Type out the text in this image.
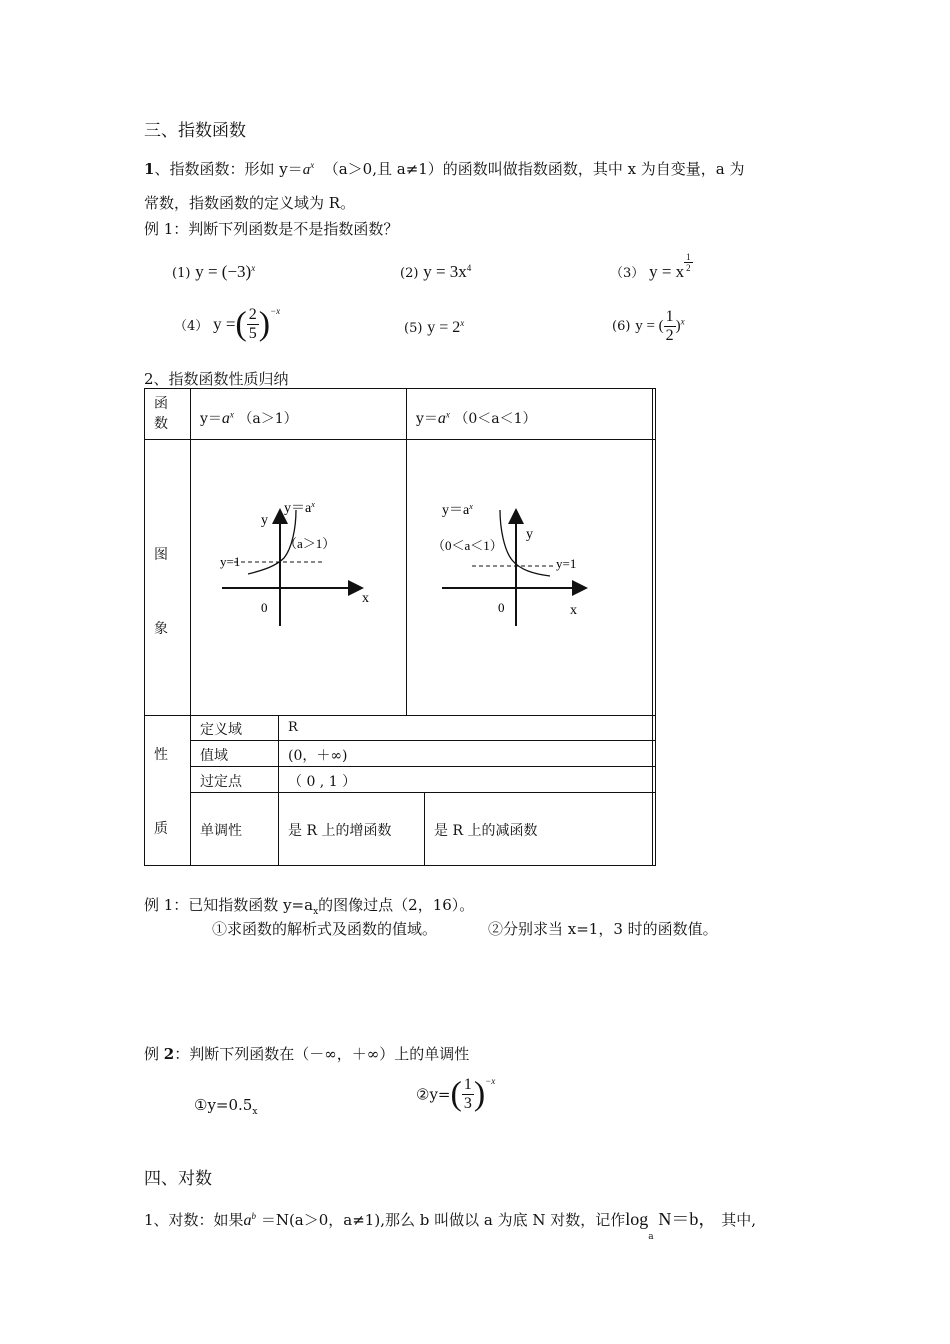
三、指数函数
1、指数函数：形如 $y=a^x$ （a＞0,且 a≠1）的函数叫做指数函数，其中 x 为自变量，a 为
常数，指数函数的定义域为 R。
例 1：判断下列函数是不是指数函数？
(1) $y = (-3)^x$	(2) $y = 3x^4$	（3） y = x $\frac{1}{2}$
（4） y =( $\frac{2}{5} )^{-x}$
(5) $y = 2^x$	(6) y = ( $\frac{1}{2} )^x$
2、指数函数性质归纳
函
数 $y=a^x$ （a＞1）	$y=a^x$ （0＜a＜1）
图
象
$y=a^x$
（a＞1）
y
y=1
0
x
$y=a^x$
（0＜a＜1）
y
y=1
0	x
性
质
定义域	R
值域	(0，＋∞)
过定点	（ 0 , 1 ）
单调性	是 R 上的增函数	是 R 上的减函数
例 1：已知指数函数 $y=a_x$的图像过点（2，16）。
①求函数的解析式及函数的值域。	②分别求当 x=1，3 时的函数值。
例 2：判断下列函数在（－∞，＋∞）上的单调性
$①y=0.5_x$
②y=( $\frac{1}{3} )^{-x}$
四、对数
1、对数：如果$a^b =N(a>0$，a≠1),那么 b 叫做以 a 为底 N 对数，记作$\log_a N=b$， 其中,
